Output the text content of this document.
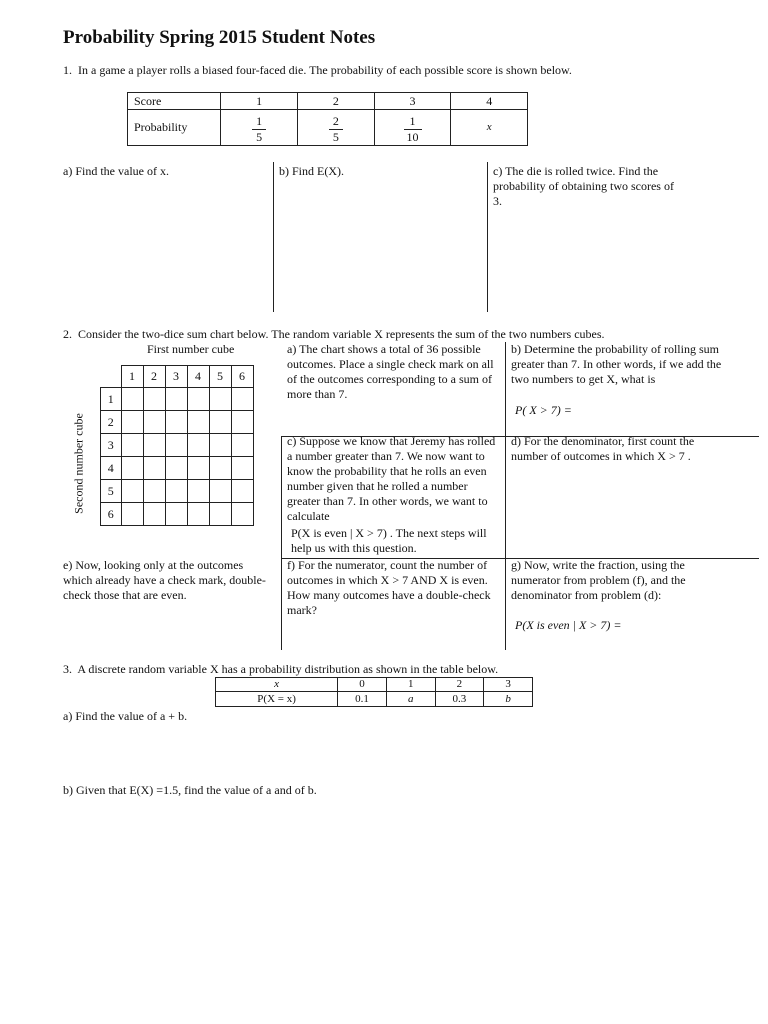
Probability Spring 2015 Student Notes
1. In a game a player rolls a biased four-faced die. The probability of each possible score is shown below.
Score	1	2	3	4
Probability	$\frac{1}{5}$	$\frac{2}{5}$	$\frac{1}{10}$	x
a) Find the value of x.	b) Find E(X).	c) The die is rolled twice. Find the probability of obtaining two scores of 3.
2. Consider the two-dice sum chart below. The random variable X represents the sum of the two numbers cubes.
First number cube
Second number cube
	1	2	3	4	5	6
1						
2						
3						
4						
5						
6						
a) The chart shows a total of 36 possible outcomes. Place a single check mark on all of the outcomes corresponding to a sum of more than 7.
b) Determine the probability of rolling sum greater than 7. In other words, if we add the two numbers to get X, what is
P( X > 7) =
c) Suppose we know that Jeremy has rolled a number greater than 7. We now want to know the probability that he rolls an even number given that he rolled a number greater than 7. In other words, we want to calculate
P(X is even | X > 7) . The next steps will help us with this question.
d) For the denominator, first count the number of outcomes in which X > 7 .
e) Now, looking only at the outcomes which already have a check mark, double-check those that are even.
f) For the numerator, count the number of outcomes in which X > 7 AND X is even. How many outcomes have a double-check mark?
g) Now, write the fraction, using the numerator from problem (f), and the denominator from problem (d):
P(X is even | X > 7) =
3. A discrete random variable X has a probability distribution as shown in the table below.
x	0	1	2	3
P(X = x)	0.1	a	0.3	b
a) Find the value of a + b.
b) Given that E(X) =1.5, find the value of a and of b.
